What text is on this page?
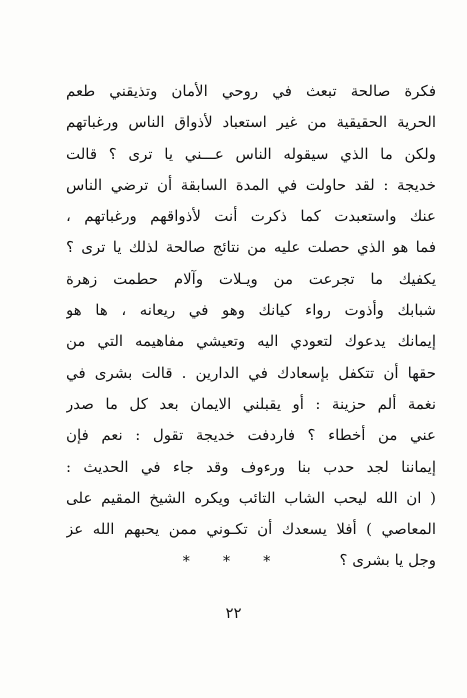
فكرة صالحة تبعث في روحي الأمان وتذيقني طعم
الحرية الحقيقية من غير استعباد لأذواق الناس ورغباتهم
ولكن ما الذي سيقوله الناس عـــني يا ترى ؟ قالت
خديجة : لقد حاولت في المدة السابقة أن ترضي الناس
عنك واستعبدت كما ذكرت أنت لأذواقهم ورغباتهم ،
فما هو الذي حصلت عليه من نتائج صالحة لذلك يا ترى ؟
يكفيك ما تجرعت من ويـلات وآلام حطمت زهرة
شبابك وأذوت رواء كيانك وهو في ريعانه ، ها هو
إيمانك يدعوك لتعودي اليه وتعيشي مفاهيمه التي من
حقها أن تتكفل بإسعادك في الدارين . قالت بشرى في
نغمة ألم حزينة : أو يقبلني الايمان بعد كل ما صدر
عني من أخطاء ؟ فاردفت خديجة تقول : نعم فإن
إيماننا لجد حدب بنا ورءوف وقد جاء في الحديث :
( ان الله ليحب الشاب التائب ويكره الشيخ المقيم على
المعاصي ) أفلا يسعدك أن تكـوني ممن يحبهم الله عز
وجل يا بشرى ؟
* * *
٢٢
